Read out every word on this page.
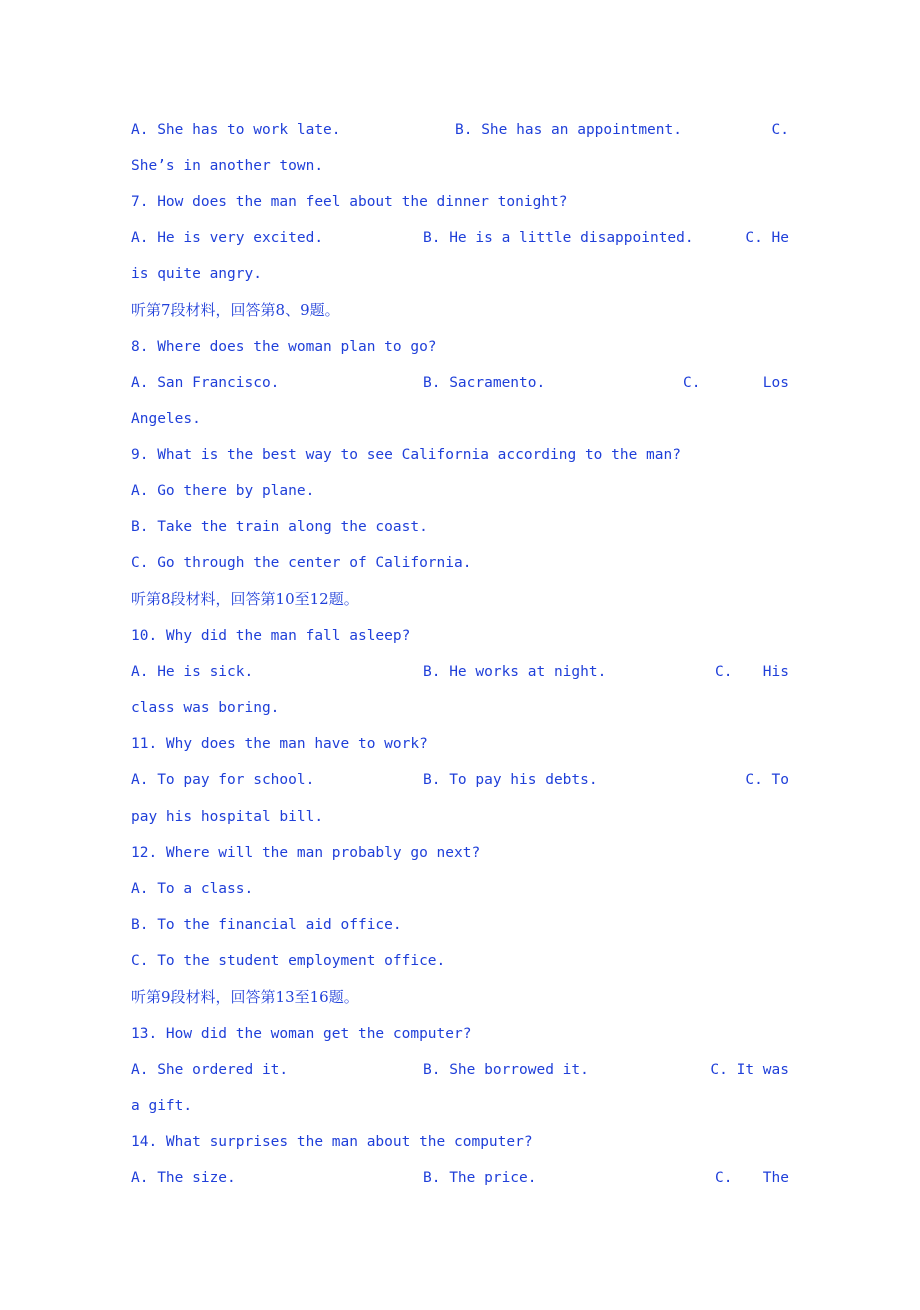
A. She has to work late.

	B. She has an appointment.

	C.

She’s in another town.
7. How does the man feel about the dinner tonight?

A. He is very excited.

	B. He is a little disappointed.

	C. He

is quite angry.
听第7段材料，回答第8、9题。
8. Where does the woman plan to go?

A. San Francisco.

	B. Sacramento.

	C.

	Los

Angeles.
9. What is the best way to see California according to the man?
A. Go there by plane.
B. Take the train along the coast.
C. Go through the center of California.
听第8段材料，回答第10至12题。
10. Why did the man fall asleep?

A. He is sick.

	B. He works at night.

	C.

His

class was boring.
11. Why does the man have to work?

A. To pay for school.

	B. To pay his debts.

	C. To

pay his hospital bill.
12. Where will the man probably go next?
A. To a class.
B. To the financial aid office.
C. To the student employment office.
听第9段材料，回答第13至16题。
13. How did the woman get the computer?

A. She ordered it.

	B. She borrowed it.

	C. It was

a gift.
14. What surprises the man about the computer?

A. The size.

	B. The price.

	C.

The
